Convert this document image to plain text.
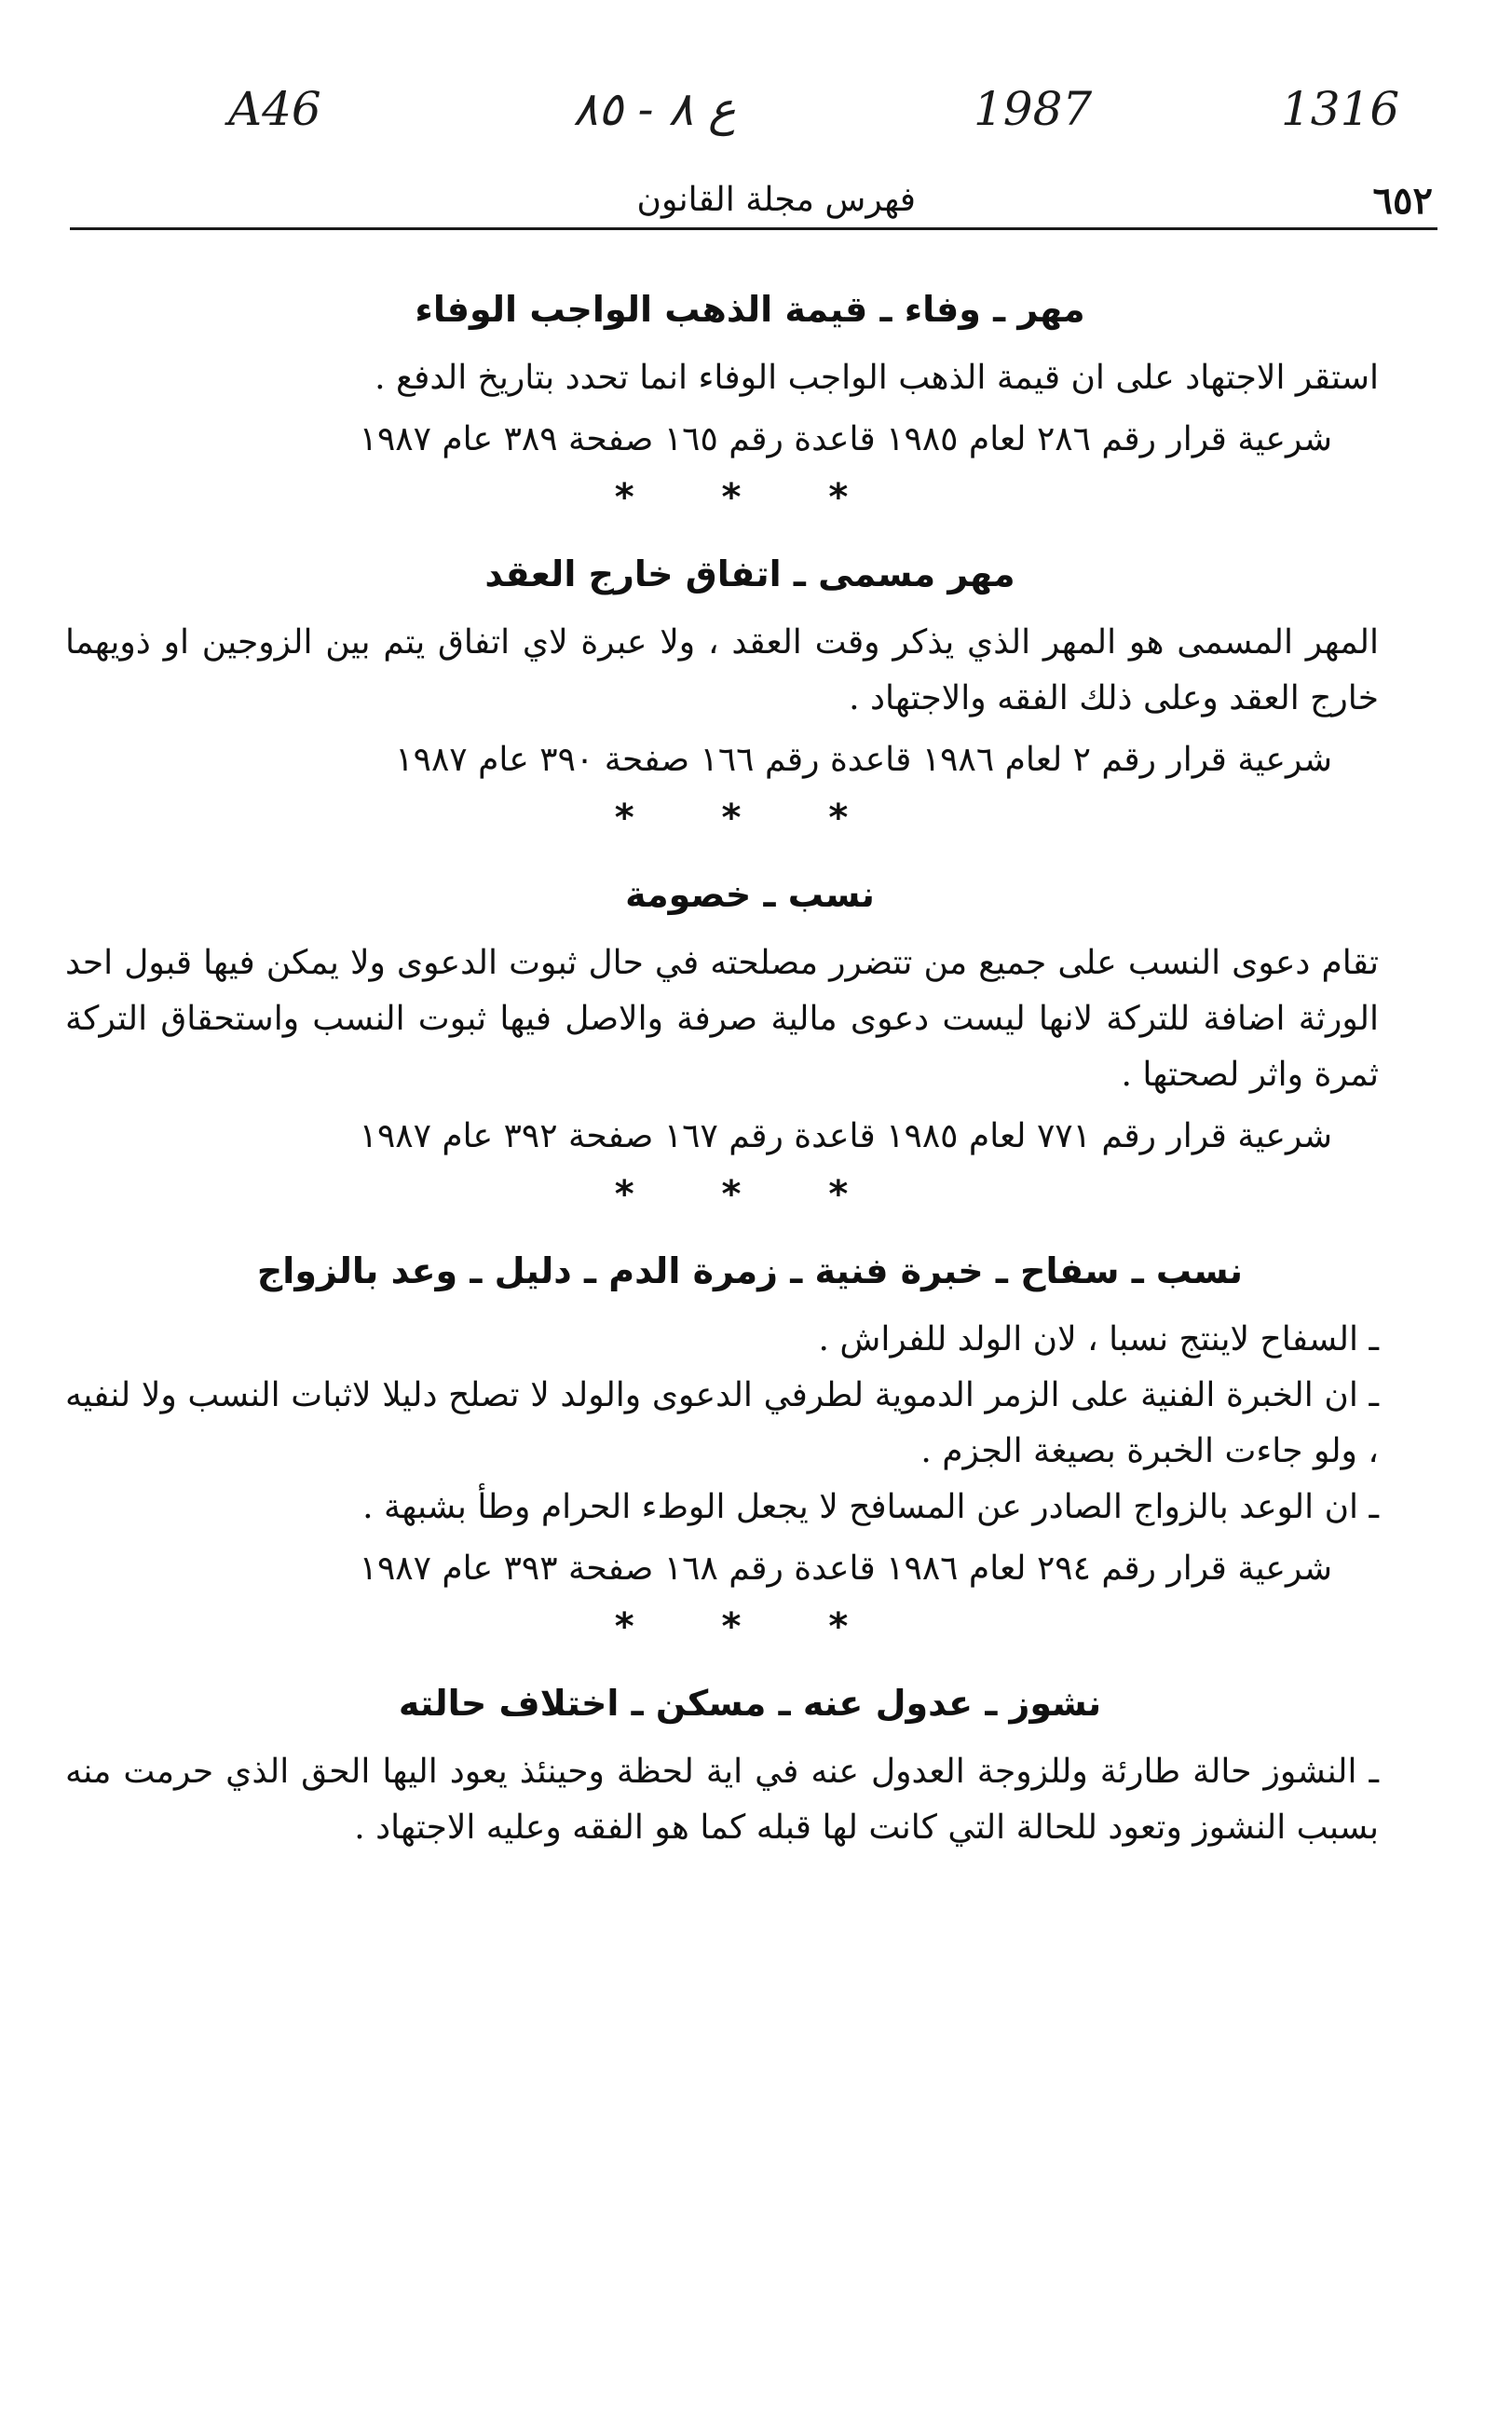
1316
1987
ع ٨ - ٨٥
A46
٦٥٢
فهرس مجلة القانون
مهر ـ وفاء ـ قيمة الذهب الواجب الوفاء

استقر الاجتهاد على ان قيمة الذهب الواجب الوفاء انما تحدد بتاريخ الدفع .

شرعية قرار رقم ٢٨٦ لعام ١٩٨٥ قاعدة رقم ١٦٥ صفحة ٣٨٩ عام ١٩٨٧

* * *
مهر مسمى ـ اتفاق خارج العقد

المهر المسمى هو المهر الذي يذكر وقت العقد ، ولا عبرة لاي اتفاق يتم بين الزوجين او ذويهما خارج العقد وعلى ذلك الفقه والاجتهاد .

شرعية قرار رقم ٢ لعام ١٩٨٦ قاعدة رقم ١٦٦ صفحة ٣٩٠ عام ١٩٨٧

* * *
نسب ـ خصومة

تقام دعوى النسب على جميع من تتضرر مصلحته في حال ثبوت الدعوى ولا يمكن فيها قبول احد الورثة اضافة للتركة لانها ليست دعوى مالية صرفة والاصل فيها ثبوت النسب واستحقاق التركة ثمرة واثر لصحتها .

شرعية قرار رقم ٧٧١ لعام ١٩٨٥ قاعدة رقم ١٦٧ صفحة ٣٩٢ عام ١٩٨٧

* * *
نسب ـ سفاح ـ خبرة فنية ـ زمرة الدم ـ دليل ـ وعد بالزواج

ـ السفاح لاينتج نسبا ، لان الولد للفراش .

ـ ان الخبرة الفنية على الزمر الدموية لطرفي الدعوى والولد لا تصلح دليلا لاثبات النسب ولا لنفيه ، ولو جاءت الخبرة بصيغة الجزم .

ـ ان الوعد بالزواج الصادر عن المسافح لا يجعل الوطء الحرام وطأ بشبهة .

شرعية قرار رقم ٢٩٤ لعام ١٩٨٦ قاعدة رقم ١٦٨ صفحة ٣٩٣ عام ١٩٨٧

* * *
نشوز ـ عدول عنه ـ مسكن ـ اختلاف حالته

ـ النشوز حالة طارئة وللزوجة العدول عنه في اية لحظة وحينئذ يعود اليها الحق الذي حرمت منه بسبب النشوز وتعود للحالة التي كانت لها قبله كما هو الفقه وعليه الاجتهاد .
